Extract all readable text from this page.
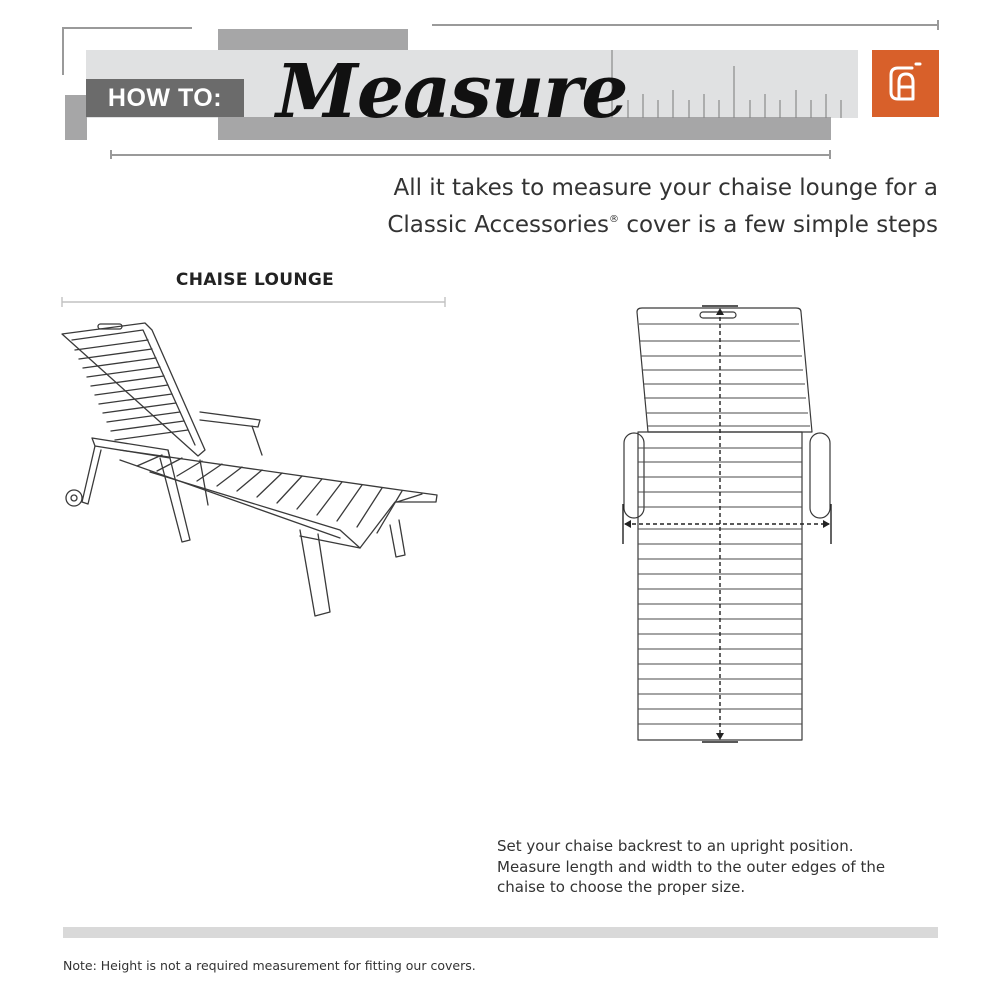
HOW TO: Measure
All it takes to measure your chaise lounge for a
Classic Accessories® cover is a few simple steps
CHAISE LOUNGE
Set your chaise backrest to an upright position.
Measure length and width to the outer edges of the
chaise to choose the proper size.
Note: Height is not a required measurement for fitting our covers.
